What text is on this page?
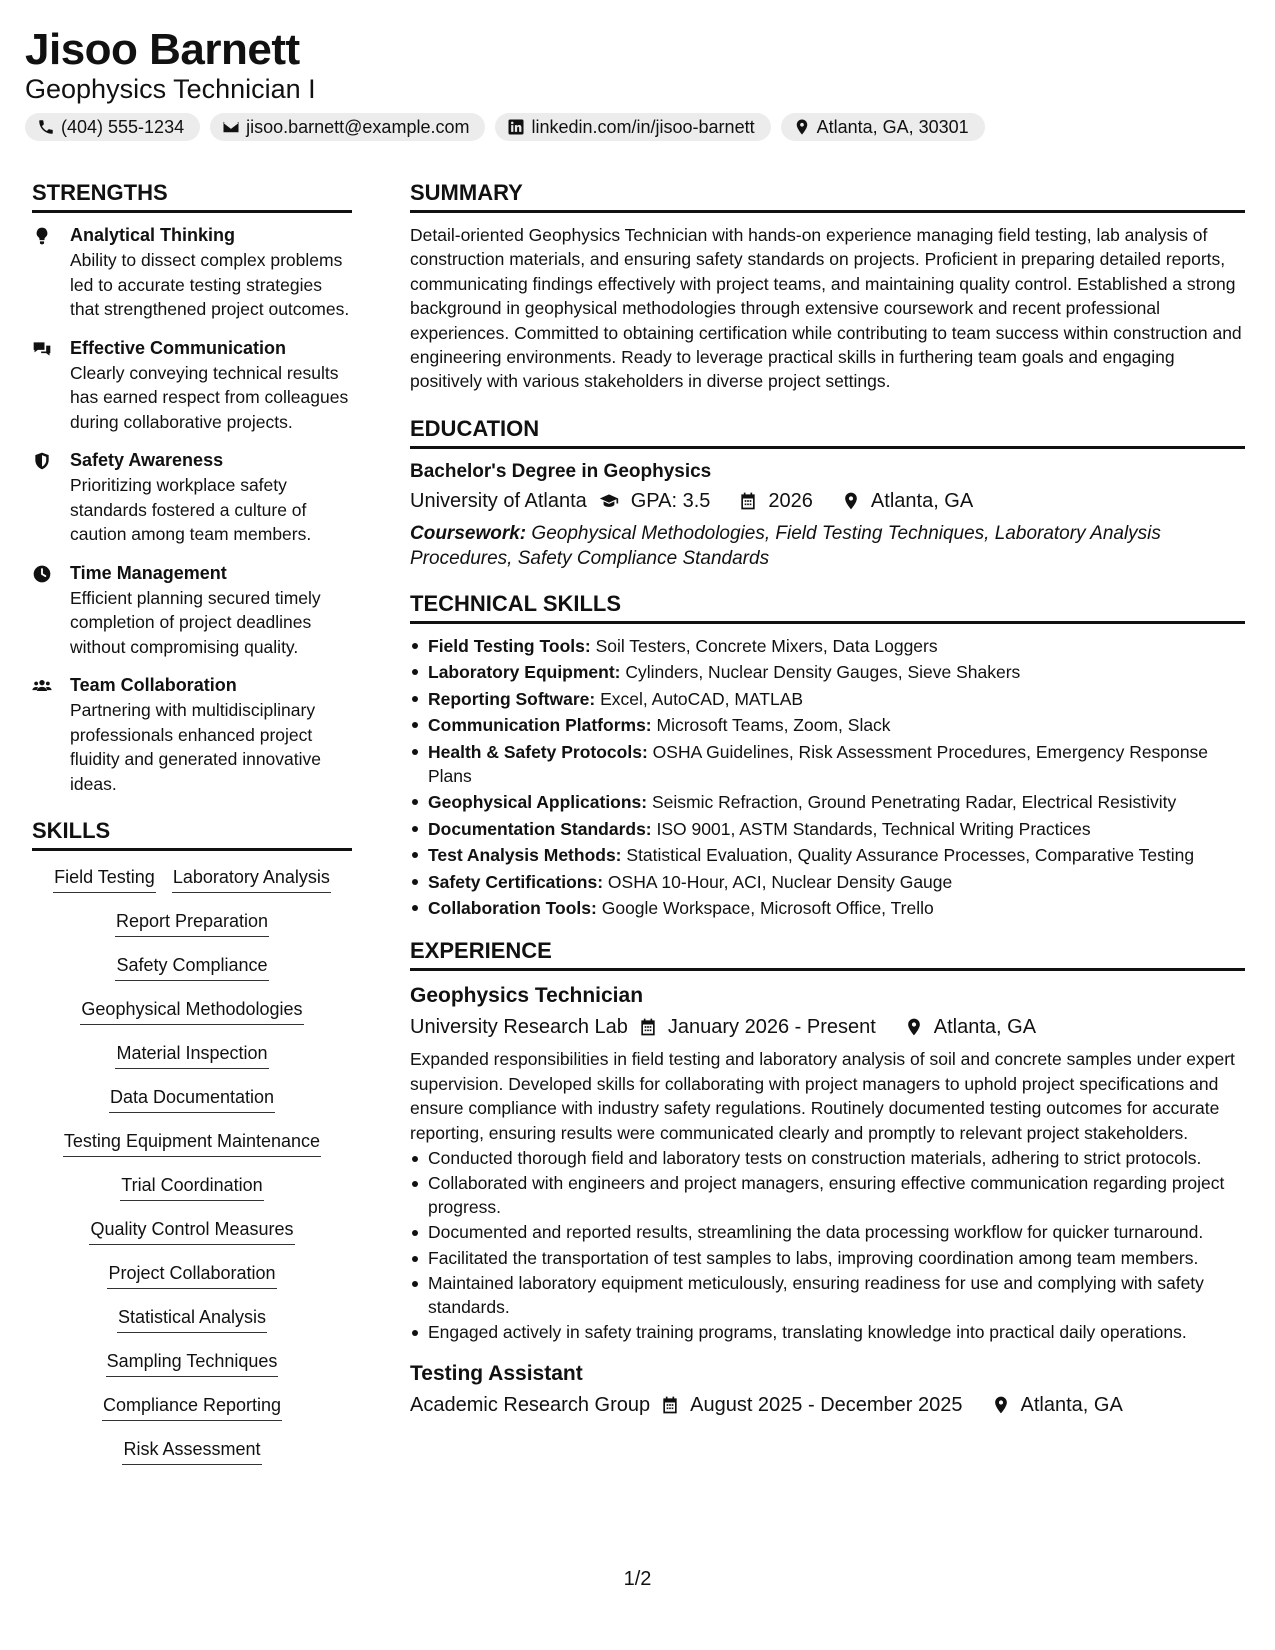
Jisoo Barnett
Geophysics Technician I
(404) 555-1234	jisoo.barnett@example.com	linkedin.com/in/jisoo-barnett	Atlanta, GA, 30301
STRENGTHS
Analytical Thinking
Ability to dissect complex problems led to accurate testing strategies that strengthened project outcomes.
Effective Communication
Clearly conveying technical results has earned respect from colleagues during collaborative projects.
Safety Awareness
Prioritizing workplace safety standards fostered a culture of caution among team members.
Time Management
Efficient planning secured timely completion of project deadlines without compromising quality.
Team Collaboration
Partnering with multidisciplinary professionals enhanced project fluidity and generated innovative ideas.
SKILLS
Field Testing Laboratory Analysis
Report Preparation
Safety Compliance
Geophysical Methodologies
Material Inspection
Data Documentation
Testing Equipment Maintenance
Trial Coordination
Quality Control Measures
Project Collaboration
Statistical Analysis
Sampling Techniques
Compliance Reporting
Risk Assessment
SUMMARY
Detail-oriented Geophysics Technician with hands-on experience managing field testing, lab analysis of construction materials, and ensuring safety standards on projects. Proficient in preparing detailed reports, communicating findings effectively with project teams, and maintaining quality control. Established a strong background in geophysical methodologies through extensive coursework and recent professional experiences. Committed to obtaining certification while contributing to team success within construction and engineering environments. Ready to leverage practical skills in furthering team goals and engaging positively with various stakeholders in diverse project settings.
EDUCATION
Bachelor's Degree in Geophysics
University of Atlanta GPA: 3.5	2026	Atlanta, GA
Coursework: Geophysical Methodologies, Field Testing Techniques, Laboratory Analysis Procedures, Safety Compliance Standards
TECHNICAL SKILLS
Field Testing Tools: Soil Testers, Concrete Mixers, Data Loggers
Laboratory Equipment: Cylinders, Nuclear Density Gauges, Sieve Shakers
Reporting Software: Excel, AutoCAD, MATLAB
Communication Platforms: Microsoft Teams, Zoom, Slack
Health & Safety Protocols: OSHA Guidelines, Risk Assessment Procedures, Emergency Response Plans
Geophysical Applications: Seismic Refraction, Ground Penetrating Radar, Electrical Resistivity
Documentation Standards: ISO 9001, ASTM Standards, Technical Writing Practices
Test Analysis Methods: Statistical Evaluation, Quality Assurance Processes, Comparative Testing
Safety Certifications: OSHA 10-Hour, ACI, Nuclear Density Gauge
Collaboration Tools: Google Workspace, Microsoft Office, Trello
EXPERIENCE
Geophysics Technician
University Research Lab January 2026 - Present	Atlanta, GA
Expanded responsibilities in field testing and laboratory analysis of soil and concrete samples under expert supervision. Developed skills for collaborating with project managers to uphold project specifications and ensure compliance with industry safety regulations. Routinely documented testing outcomes for accurate reporting, ensuring results were communicated clearly and promptly to relevant project stakeholders.
Conducted thorough field and laboratory tests on construction materials, adhering to strict protocols.
Collaborated with engineers and project managers, ensuring effective communication regarding project progress.
Documented and reported results, streamlining the data processing workflow for quicker turnaround.
Facilitated the transportation of test samples to labs, improving coordination among team members.
Maintained laboratory equipment meticulously, ensuring readiness for use and complying with safety standards.
Engaged actively in safety training programs, translating knowledge into practical daily operations.
Testing Assistant
Academic Research Group August 2025 - December 2025	Atlanta, GA
1/2
